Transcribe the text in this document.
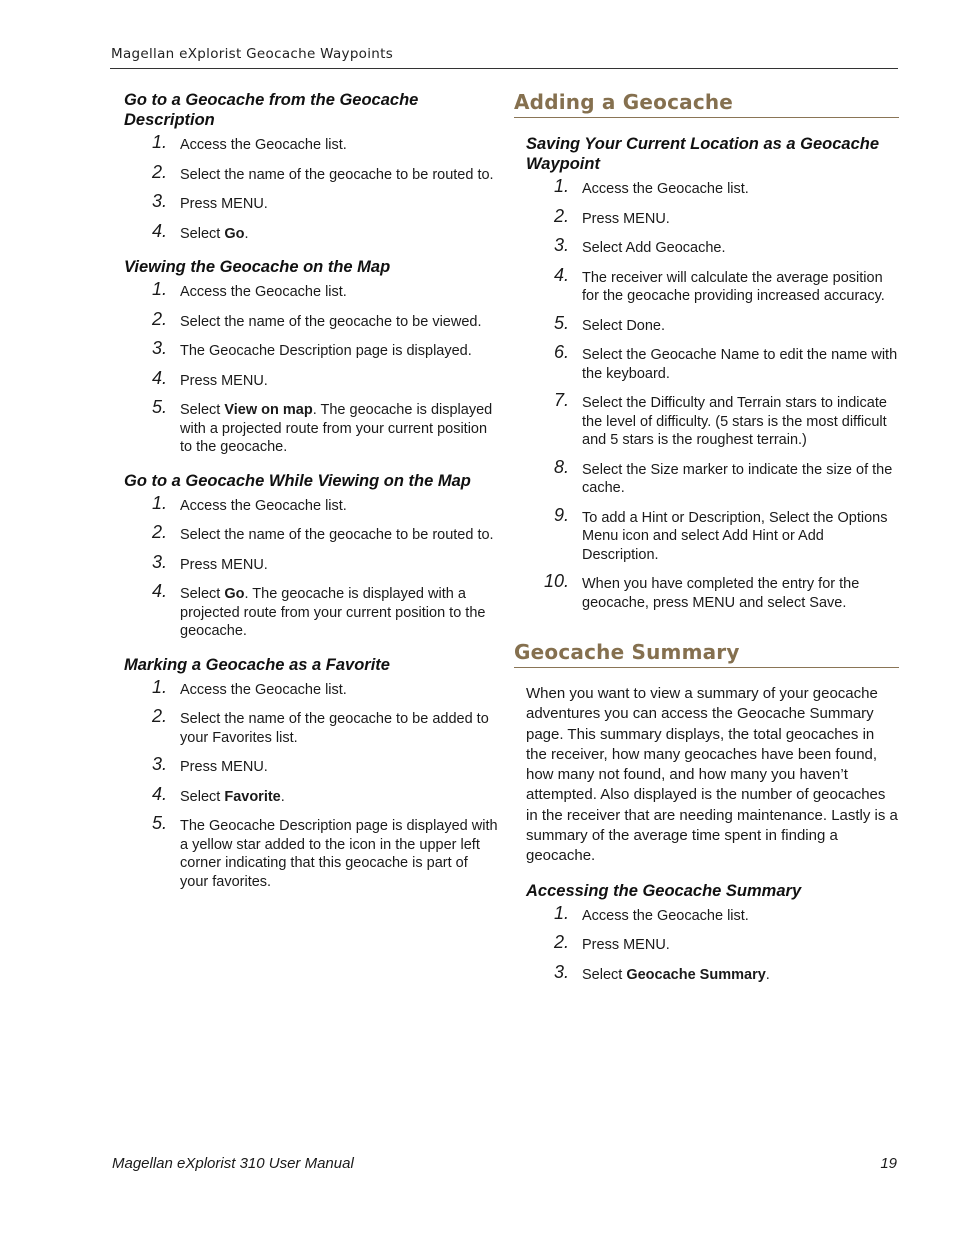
Magellan eXplorist Geocache Waypoints
Go to a Geocache from the Geocache Description
1. Access the Geocache list.
2. Select the name of the geocache to be routed to.
3. Press MENU.
4. Select Go.
Viewing the Geocache on the Map
1. Access the Geocache list.
2. Select the name of the geocache to be viewed.
3. The Geocache Description page is displayed.
4. Press MENU.
5. Select View on map. The geocache is displayed with a projected route from your current position to the geocache.
Go to a Geocache While Viewing on the Map
1. Access the Geocache list.
2. Select the name of the geocache to be routed to.
3. Press MENU.
4. Select Go. The geocache is displayed with a projected route from your current position to the geocache.
Marking a Geocache as a Favorite
1. Access the Geocache list.
2. Select the name of the geocache to be added to your Favorites list.
3. Press MENU.
4. Select Favorite.
5. The Geocache Description page is displayed with a yellow star added to the icon in the upper left corner indicating that this geocache is part of your favorites.
Adding a Geocache
Saving Your Current Location as a Geocache Waypoint
1. Access the Geocache list.
2. Press MENU.
3. Select Add Geocache.
4. The receiver will calculate the average position for the geocache providing increased accuracy.
5. Select Done.
6. Select the Geocache Name to edit the name with the keyboard.
7. Select the Difficulty and Terrain stars to indicate the level of difficulty. (5 stars is the most difficult and 5 stars is the roughest terrain.)
8. Select the Size marker to indicate the size of the cache.
9. To add a Hint or Description, Select the Options Menu icon and select Add Hint or Add Description.
10. When you have completed the entry for the geocache, press MENU and select Save.
Geocache Summary

When you want to view a summary of your geocache adventures you can access the Geocache Summary page. This summary displays, the total geocaches in the receiver, how many geocaches have been found, how many not found, and how many you haven’t attempted. Also displayed is the number of geocaches in the receiver that are needing maintenance. Lastly is a summary of the average time spent in finding a geocache.

Accessing the Geocache Summary
1. Access the Geocache list.
2. Press MENU.
3. Select Geocache Summary.
Magellan eXplorist 310 User Manual	19
